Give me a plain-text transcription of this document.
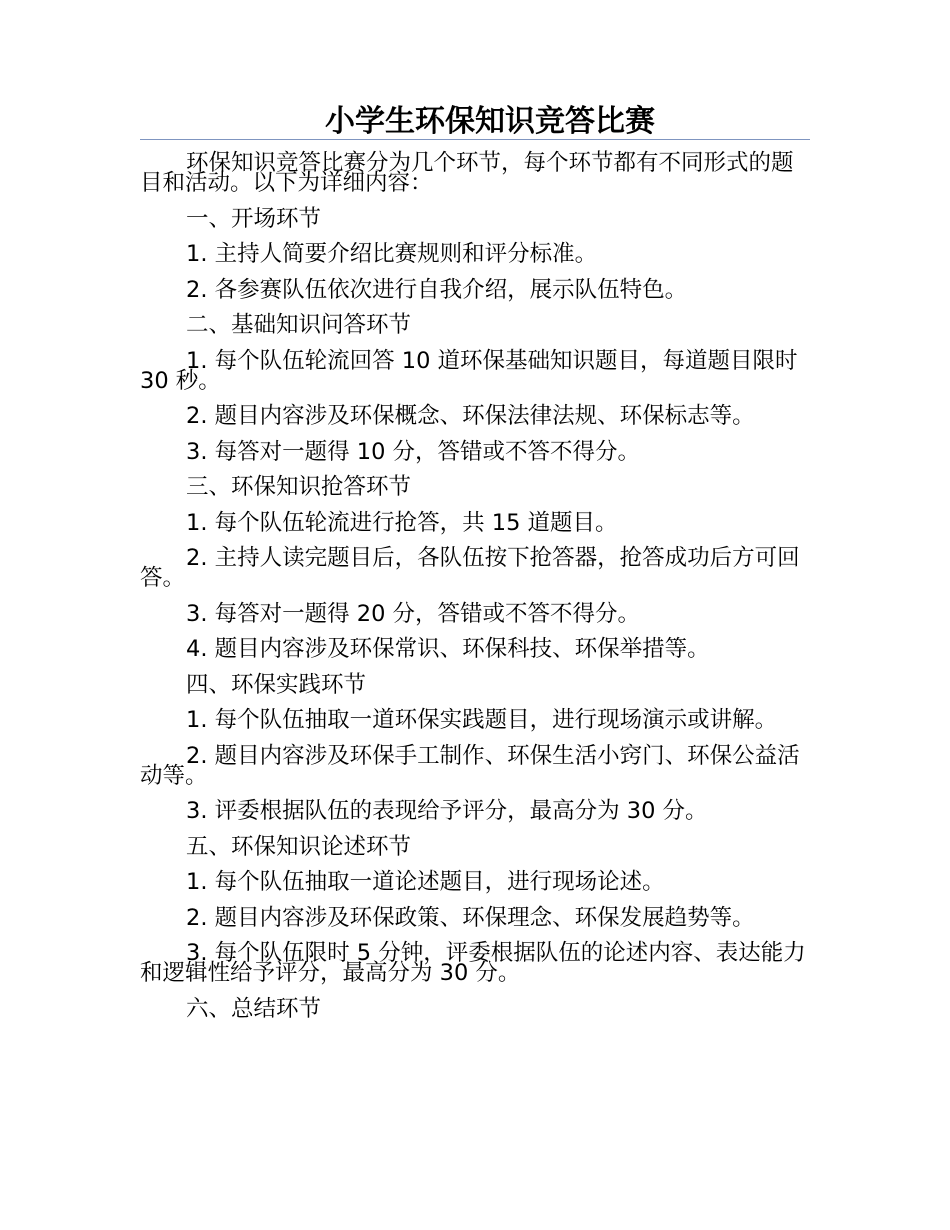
小学生环保知识竞答比赛

环保知识竞答比赛分为几个环节，每个环节都有不同形式的题目和活动。以下为详细内容：

一、开场环节

1. 主持人简要介绍比赛规则和评分标准。

2. 各参赛队伍依次进行自我介绍，展示队伍特色。

二、基础知识问答环节

1. 每个队伍轮流回答 10 道环保基础知识题目，每道题目限时 30 秒。

2. 题目内容涉及环保概念、环保法律法规、环保标志等。

3. 每答对一题得 10 分，答错或不答不得分。

三、环保知识抢答环节

1. 每个队伍轮流进行抢答，共 15 道题目。

2. 主持人读完题目后，各队伍按下抢答器，抢答成功后方可回答。

3. 每答对一题得 20 分，答错或不答不得分。

4. 题目内容涉及环保常识、环保科技、环保举措等。

四、环保实践环节

1. 每个队伍抽取一道环保实践题目，进行现场演示或讲解。

2. 题目内容涉及环保手工制作、环保生活小窍门、环保公益活动等。

3. 评委根据队伍的表现给予评分，最高分为 30 分。

五、环保知识论述环节

1. 每个队伍抽取一道论述题目，进行现场论述。

2. 题目内容涉及环保政策、环保理念、环保发展趋势等。

3. 每个队伍限时 5 分钟，评委根据队伍的论述内容、表达能力和逻辑性给予评分，最高分为 30 分。

六、总结环节
